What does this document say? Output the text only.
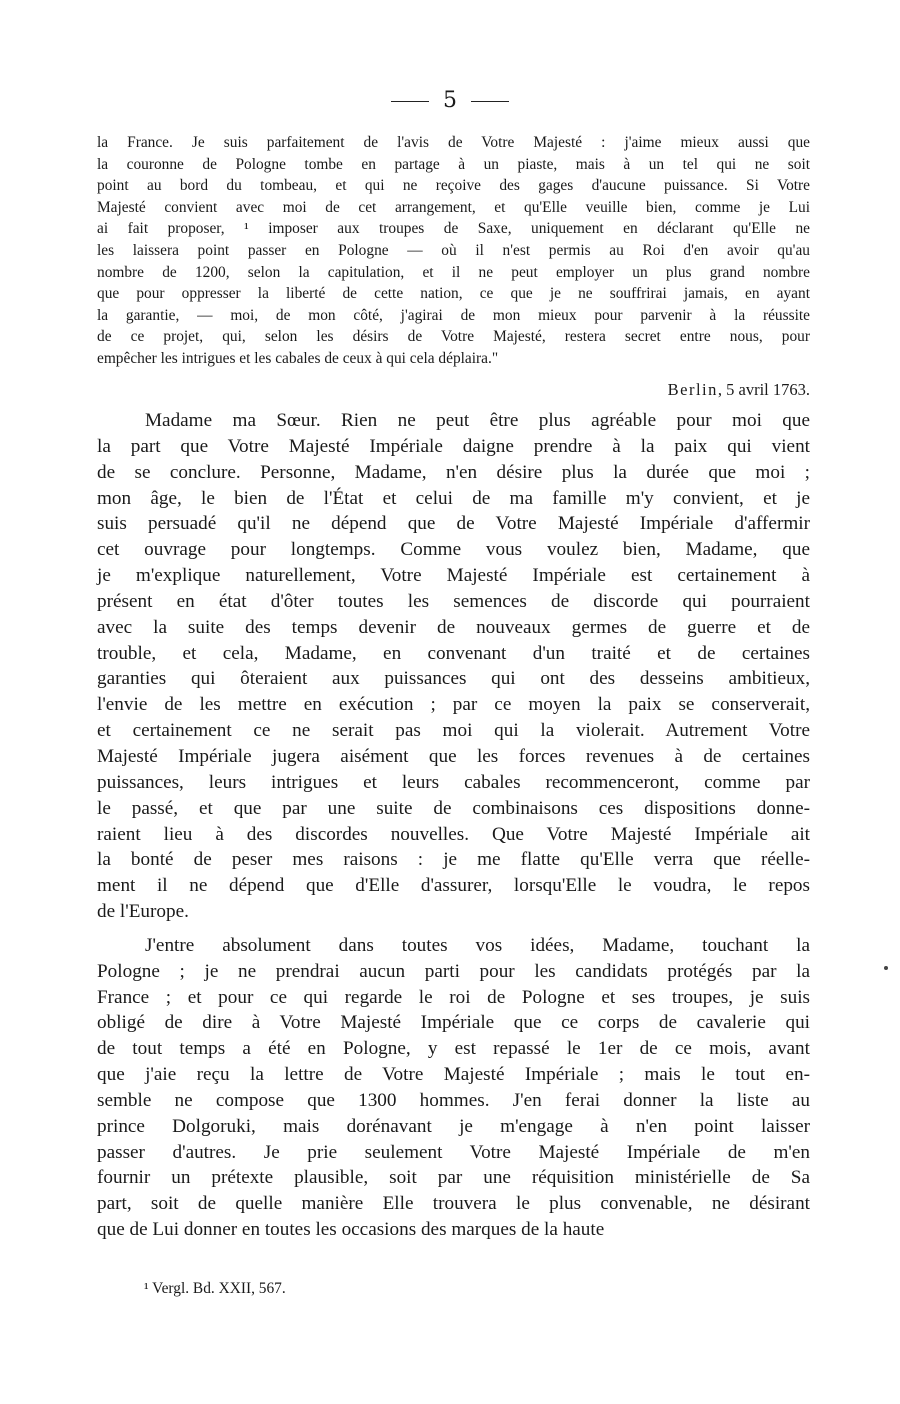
5
la France. Je suis parfaitement de l'avis de Votre Majesté : j'aime mieux aussi que
la couronne de Pologne tombe en partage à un piaste, mais à un tel qui ne soit
point au bord du tombeau, et qui ne reçoive des gages d'aucune puissance. Si Votre
Majesté convient avec moi de cet arrangement, et qu'Elle veuille bien, comme je Lui
ai fait proposer, ¹ imposer aux troupes de Saxe, uniquement en déclarant qu'Elle ne
les laissera point passer en Pologne — où il n'est permis au Roi d'en avoir qu'au
nombre de 1200, selon la capitulation, et il ne peut employer un plus grand nombre
que pour oppresser la liberté de cette nation, ce que je ne souffrirai jamais, en ayant
la garantie, — moi, de mon côté, j'agirai de mon mieux pour parvenir à la réussite
de ce projet, qui, selon les désirs de Votre Majesté, restera secret entre nous, pour
empêcher les intrigues et les cabales de ceux à qui cela déplaira."
Berlin, 5 avril 1763.
Madame ma Sœur. Rien ne peut être plus agréable pour moi que
la part que Votre Majesté Impériale daigne prendre à la paix qui vient
de se conclure. Personne, Madame, n'en désire plus la durée que moi ;
mon âge, le bien de l'État et celui de ma famille m'y convient, et je
suis persuadé qu'il ne dépend que de Votre Majesté Impériale d'affermir
cet ouvrage pour longtemps. Comme vous voulez bien, Madame, que
je m'explique naturellement, Votre Majesté Impériale est certainement à
présent en état d'ôter toutes les semences de discorde qui pourraient
avec la suite des temps devenir de nouveaux germes de guerre et de
trouble, et cela, Madame, en convenant d'un traité et de certaines
garanties qui ôteraient aux puissances qui ont des desseins ambitieux,
l'envie de les mettre en exécution ; par ce moyen la paix se conserverait,
et certainement ce ne serait pas moi qui la violerait. Autrement Votre
Majesté Impériale jugera aisément que les forces revenues à de certaines
puissances, leurs intrigues et leurs cabales recommenceront, comme par
le passé, et que par une suite de combinaisons ces dispositions donne-
raient lieu à des discordes nouvelles. Que Votre Majesté Impériale ait
la bonté de peser mes raisons : je me flatte qu'Elle verra que réelle-
ment il ne dépend que d'Elle d'assurer, lorsqu'Elle le voudra, le repos
de l'Europe.
J'entre absolument dans toutes vos idées, Madame, touchant la
Pologne ; je ne prendrai aucun parti pour les candidats protégés par la
France ; et pour ce qui regarde le roi de Pologne et ses troupes, je suis
obligé de dire à Votre Majesté Impériale que ce corps de cavalerie qui
de tout temps a été en Pologne, y est repassé le 1er de ce mois, avant
que j'aie reçu la lettre de Votre Majesté Impériale ; mais le tout en-
semble ne compose que 1300 hommes. J'en ferai donner la liste au
prince Dolgoruki, mais dorénavant je m'engage à n'en point laisser
passer d'autres. Je prie seulement Votre Majesté Impériale de m'en
fournir un prétexte plausible, soit par une réquisition ministérielle de Sa
part, soit de quelle manière Elle trouvera le plus convenable, ne désirant
que de Lui donner en toutes les occasions des marques de la haute
¹ Vergl. Bd. XXII, 567.
